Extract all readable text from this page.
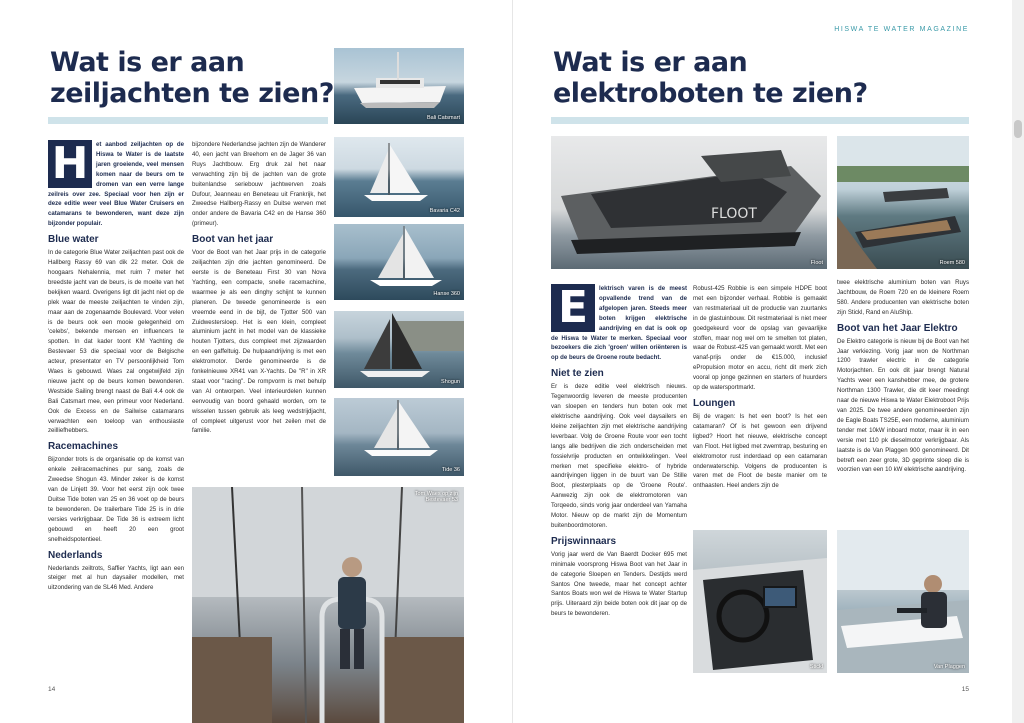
Wat is er aan
zeiljachten te zien?

H	et aanbod zeiljachten op de Hiswa te Water is de laatste jaren groeiende, veel mensen komen naar de beurs om te dromen van een verre lange zeilreis over zee. Speciaal voor hen zijn er deze editie weer veel Blue Water Cruisers en catamarans te bewonderen, want deze zijn bijzonder populair.

Blue water

In de categorie Blue Water zeiljachten past ook de Hallberg Rassy 69 van dik 22 meter. Ook de hoogaars Nehalennia, met ruim 7 meter het breedste jacht van de beurs, is de moeite van het bekijken waard. Overigens ligt dit jacht niet op de plek waar de meeste zeiljachten te vinden zijn, maar aan de zogenaamde Boulevard. Voor velen is de beurs ook een mooie gelegenheid om 'celebs', bekende mensen en influencers te spotten. In dat kader toont KM Yachting de Bestevaer 53 die speciaal voor de Belgische acteur, presentator en TV persoonlijkheid Tom Waes is gebouwd. Waes zal ongetwijfeld zijn nieuwe jacht op de beurs komen bewonderen. Westside Sailing brengt naast de Bali 4.4 ook de Bali Catsmart mee, een primeur voor Nederland. Ook de Excess en de Sailwise catamarans verwachten een toeloop van enthousiaste zeilliefhebbers.

Racemachines

Bijzonder trots is de organisatie op de komst van enkele zeilracemachines pur sang, zoals de Zweedse Shogun 43. Minder zeker is de komst van de Linjett 39. Voor het eerst zijn ook twee Duitse Tide boten van 25 en 36 voet op de beurs te bewonderen. De trailerbare Tide 25 is in drie versies verkrijgbaar. De Tide 36 is extreem licht gebouwd en heeft 20 een groot snelheidspotentieel.

Nederlands

Nederlands zeiltrots, Saffier Yachts, ligt aan een steiger met al hun daysailer modellen, met uitzondering van de SL46 Med. Andere

bijzondere Nederlandse jachten zijn de Wanderer 40, een jacht van Breehorn en de Jager 36 van Ruys Jachtbouw. Erg druk zal het naar verwachting zijn bij de jachten van de grote buitenlandse seriebouw jachtwerven zoals Dufour, Jeanneau en Beneteau uit Frankrijk, het Zweedse Hallberg-Rassy en Duitse werven met onder andere de Bavaria C42 en de Hanse 360 (primeur).

Boot van het jaar

Voor de Boot van het Jaar prijs in de categorie zeiljachten zijn drie jachten genomineerd. De eerste is de Beneteau First 30 van Nova Yachting, een compacte, snelle racemachine, waarmee je als een dinghy schijnt te kunnen planeren. De tweede genomineerde is een vreemde eend in de bijt, de Tjotter 500 van Zuidwestersloep. Het is een klein, compleet aluminium jacht in het model van de klassieke houten Tjotters, dus compleet met zijzwaarden en een gaffeltuig. De hulpaandrijving is met een elektromotor. Derde genomineerde is de fonkelnieuwe XR41 van X-Yachts. De "R" in XR staat voor "racing". De rompvorm is met behulp van AI ontworpen. Veel interieurdelen kunnen eenvoudig van boord gehaald worden, om te wisselen tussen gebruik als leeg wedstrijdjacht, of compleet uitgerust voor het zeilen met de familie.

Bali Catsmart
Bavaria C42
Hanse 360
Shogun
Tide 36
Tom Waes op zijn Bestevaer 53
14
HISWA TE WATER MAGAZINE
Wat is er aan
elektroboten te zien?
FLOOT
Floot	Roem 580

E	lektrisch varen is de meest opvallende trend van de afgelopen jaren. Steeds meer boten krijgen elektrische aandrijving en dat is ook op de Hiswa te Water te merken. Speciaal voor bezoekers die zich 'groen' willen oriënteren is op de beurs de Groene route bedacht.

Niet te zien

Er is deze editie veel elektrisch nieuws. Tegenwoordig leveren de meeste producenten van sloepen en tenders hun boten ook met elektrische aandrijving. Ook veel daysailers en kleine zeiljachten zijn met elektrische aandrijving leverbaar. Volg de Groene Route voor een tocht langs alle bedrijven die zich onderscheiden met fossielvrije producten en ontwikkelingen. Veel merken met specifieke elektro- of hybride aandrijvingen liggen in de buurt van De Stille Boot, plesterplaats op de 'Groene Route'. Aanwezig zijn ook de elektromotoren van Torqeedo, sinds vorig jaar onderdeel van Yamaha Motor. Nieuw op de markt zijn de Momentum buitenboordmotoren.

Prijswinnaars

Vorig jaar werd de Van Baerdt Docker 695 met minimale voorsprong Hiswa Boot van het Jaar in de categorie Sloepen en Tenders. Destijds werd Santos One tweede, maar het concept achter Santos Boats won wel de Hiswa te Water Startup prijs. Uiteraard zijn beide boten ook dit jaar op de beurs te bewonderen.

Robust-425 Robbie is een simpele HDPE boot met een bijzonder verhaal. Robbie is gemaakt van restmateriaal uit de productie van zuurtanks in de glastuinbouw. Dit restmateriaal is niet meer goedgekeurd voor de opslag van gevaarlijke stoffen, maar nog wel om te smelten tot platen, waar de Robust-425 van gemaakt wordt. Met een vanaf-prijs onder de €15.000, inclusief ePropulsion motor en accu, richt dit merk zich vooral op jonge gezinnen en starters of huurders op de watersportmarkt.

Loungen

Bij de vragen: Is het een boot? Is het een catamaran? Of is het gewoon een drijvend ligbed? Hoort het nieuwe, elektrische concept van Floot. Het ligbed met zwemtrap, besturing en elektromotor rust inderdaad op een catamaran onderwaterschip. Volgens de producenten is varen met de Floot de beste manier om te onthaasten. Heel anders zijn de

Stickl

twee elektrische aluminium boten van Ruys Jachtbouw, de Roem 720 en de kleinere Roem 580. Andere producenten van elektrische boten zijn Stickl, Rand en AluShip.

Boot van het Jaar Elektro

De Elektro categorie is nieuw bij de Boot van het Jaar verkiezing. Vorig jaar won de Northman 1200 trawler electric in de categorie Motorjachten. En ook dit jaar brengt Natural Yachts weer een kanshebber mee, de grotere Northman 1300 Trawler, die dit keer meedingt naar de nieuwe Hiswa te Water Elektroboot Prijs van 2025. De twee andere genomineerden zijn de Eagle Boats TS25E, een moderne, aluminium tender met 10kW inboard motor, maar ik in een versie met 110 pk dieselmotor verkrijgbaar. Als laatste is de Van Plaggen 900 genomineerd. Dit betreft een zeer grote, 3D geprinte sloep die is voorzien van een 10 kW elektrische aandrijving.

Van Plaggen
15
